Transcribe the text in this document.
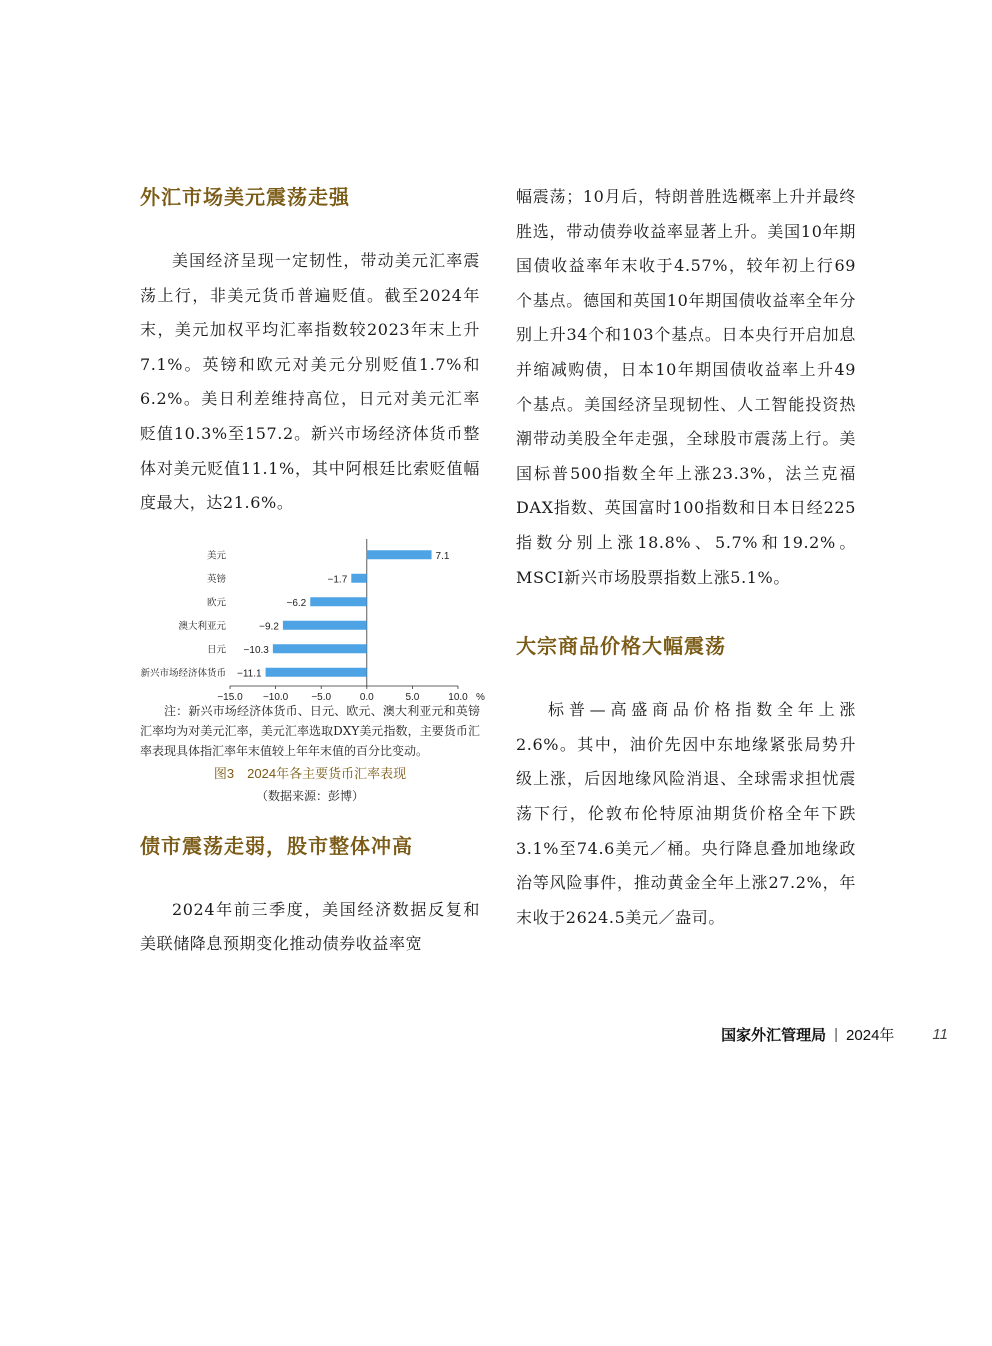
外汇市场美元震荡走强

美国经济呈现一定韧性，带动美元汇率震荡上行，非美元货币普遍贬值。截至2024年末，美元加权平均汇率指数较2023年末上升7.1%。英镑和欧元对美元分别贬值1.7%和6.2%。美日利差维持高位，日元对美元汇率贬值10.3%至157.2。新兴市场经济体货币整体对美元贬值11.1%，其中阿根廷比索贬值幅度最大，达21.6%。

−15.0 −10.0 −5.0	0.0	5.0	10.0 %
美元	7.1
英镑	−1.7
欧元	−6.2
澳大利亚元	−9.2
日元 −10.3
新兴市场经济体货币 −11.1

注：新兴市场经济体货币、日元、欧元、澳大利亚元和英镑汇率均为对美元汇率，美元汇率选取DXY美元指数，主要货币汇率表现具体指汇率年末值较上年年末值的百分比变动。

图3　2024年各主要货币汇率表现
（数据来源：彭博）
债市震荡走弱，股市整体冲高

2024年前三季度，美国经济数据反复和美联储降息预期变化推动债券收益率宽

幅震荡；10月后，特朗普胜选概率上升并最终胜选，带动债券收益率显著上升。美国10年期国债收益率年末收于4.57%，较年初上行69个基点。德国和英国10年期国债收益率全年分别上升34个和103个基点。日本央行开启加息并缩减购债，日本10年期国债收益率上升49个基点。美国经济呈现韧性、人工智能投资热潮带动美股全年走强，全球股市震荡上行。美国标普500指数全年上涨23.3%，法兰克福DAX指数、英国富时100指数和日本日经225指数分别上涨18.8%、5.7%和19.2%。MSCI新兴市场股票指数上涨5.1%。

大宗商品价格大幅震荡

标普—高盛商品价格指数全年上涨2.6%。其中，油价先因中东地缘紧张局势升级上涨，后因地缘风险消退、全球需求担忧震荡下行，伦敦布伦特原油期货价格全年下跌3.1%至74.6美元／桶。央行降息叠加地缘政治等风险事件，推动黄金全年上涨27.2%，年末收于2624.5美元／盎司。

国家外汇管理局 | 2024年	11
